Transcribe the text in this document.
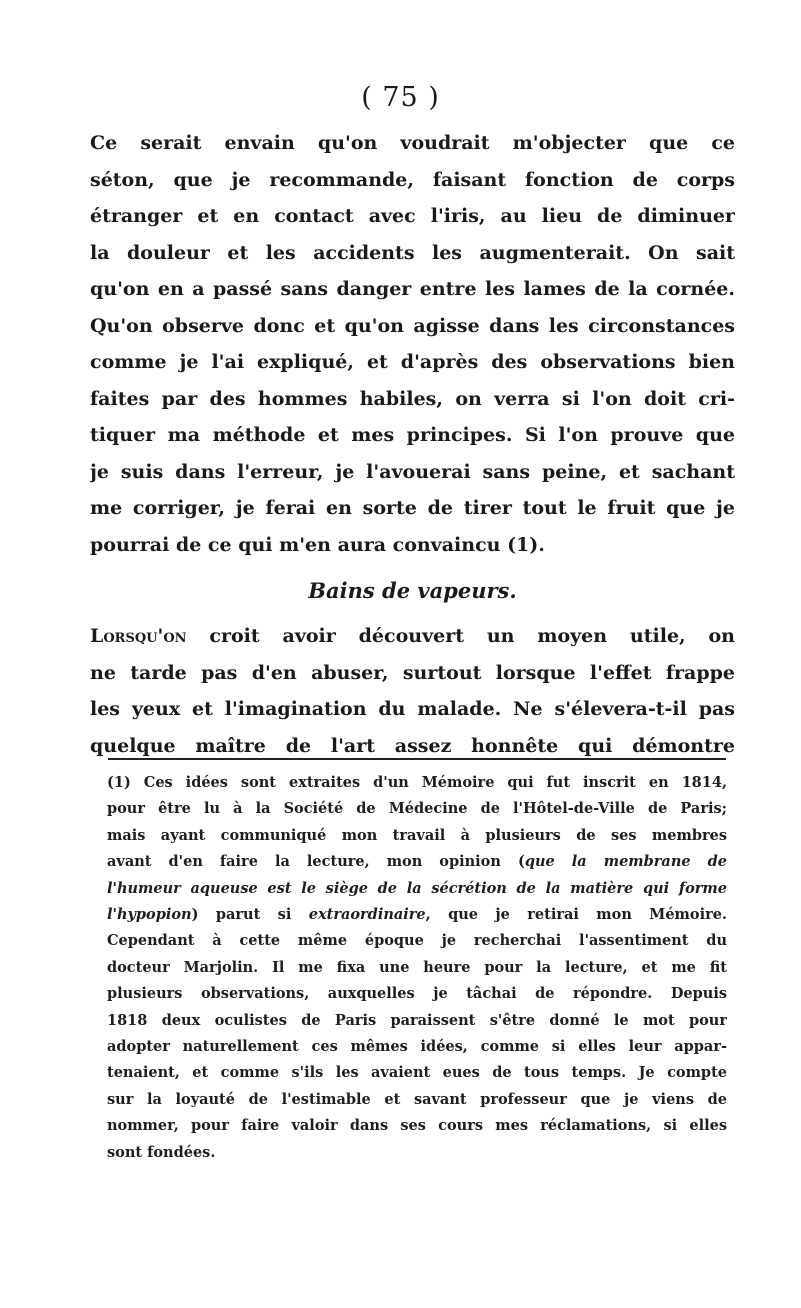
( 75 )

Ce serait envain qu'on voudrait m'objecter que ce
séton, que je recommande, faisant fonction de corps
étranger et en contact avec l'iris, au lieu de diminuer
la douleur et les accidents les augmenterait. On sait
qu'on en a passé sans danger entre les lames de la cornée.
Qu'on observe donc et qu'on agisse dans les circonstances
comme je l'ai expliqué, et d'après des observations bien
faites par des hommes habiles, on verra si l'on doit cri-
tiquer ma méthode et mes principes. Si l'on prouve que
je suis dans l'erreur, je l'avouerai sans peine, et sachant
me corriger, je ferai en sorte de tirer tout le fruit que je
pourrai de ce qui m'en aura convaincu (1).

Bains de vapeurs.

Lorsqu'on croit avoir découvert un moyen utile, on
ne tarde pas d'en abuser, surtout lorsque l'effet frappe
les yeux et l'imagination du malade. Ne s'élevera-t-il pas
quelque maître de l'art assez honnête qui démontre

(1) Ces idées sont extraites d'un Mémoire qui fut inscrit en 1814,
pour être lu à la Société de Médecine de l'Hôtel-de-Ville de Paris;
mais ayant communiqué mon travail à plusieurs de ses membres
avant d'en faire la lecture, mon opinion (que la membrane de
l'humeur aqueuse est le siège de la sécrétion de la matière qui forme
l'hypopion) parut si extraordinaire, que je retirai mon Mémoire.
Cependant à cette même époque je recherchai l'assentiment du
docteur Marjolin. Il me fixa une heure pour la lecture, et me fit
plusieurs observations, auxquelles je tâchai de répondre. Depuis
1818 deux oculistes de Paris paraissent s'être donné le mot pour
adopter naturellement ces mêmes idées, comme si elles leur appar-
tenaient, et comme s'ils les avaient eues de tous temps. Je compte
sur la loyauté de l'estimable et savant professeur que je viens de
nommer, pour faire valoir dans ses cours mes réclamations, si elles
sont fondées.
